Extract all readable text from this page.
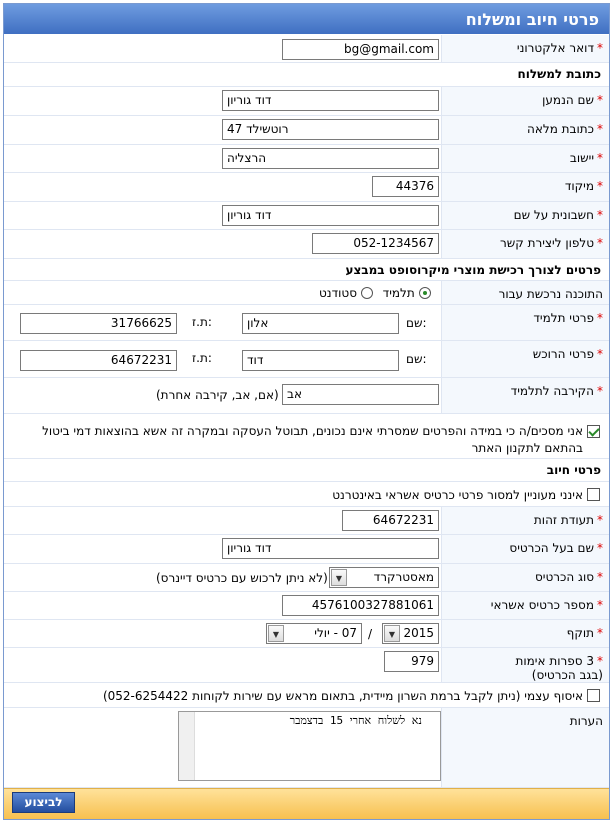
פרטי חיוב ומשלוח
*דואר אלקטרוני
bg@gmail.com
כתובת למשלוח
*שם הנמען
דוד גוריון
*כתובת מלאה
רוטשילד 47
*יישוב
הרצליה
*מיקוד
44376
*חשבונית על שם
דוד גוריון
*טלפון ליצירת קשר
052-1234567
פרטים לצורך רכישת מוצרי מיקרוסופט במבצע
התוכנה נרכשת עבור
תלמיד  סטודנט
*פרטי תלמיד
שם:
אלון
ת.ז:
31766625
*פרטי הרוכש
שם:
דוד
ת.ז:
64672231
*הקירבה לתלמיד
אב
(אם, אב, קירבה אחרת)
אני מסכים/ה כי במידה והפרטים שמסרתי אינם נכונים, תבוטל העסקה ובמקרה זה אשא בהוצאות דמי ביטול
בהתאם לתקנון האתר
פרטי חיוב
אינני מעוניין למסור פרטי כרטיס אשראי באינטרנט
*תעודת זהות
64672231
*שם בעל הכרטיס
דוד גוריון
*סוג הכרטיס
מאסטרקרד
▼
(לא ניתן לרכוש עם כרטיס דיינרס)
*מספר כרטיס אשראי
4576100327881061
*תוקף
2015
▼
/
07 - יולי
▼
*3 ספרות אימות
(בגב הכרטיס)
979
איסוף עצמי (ניתן לקבל ברמת השרון מיידית, בתאום מראש עם שירות לקוחות 052-6254422)
הערות
נא לשלוח אחרי 15 בדצמבר
לביצוע
